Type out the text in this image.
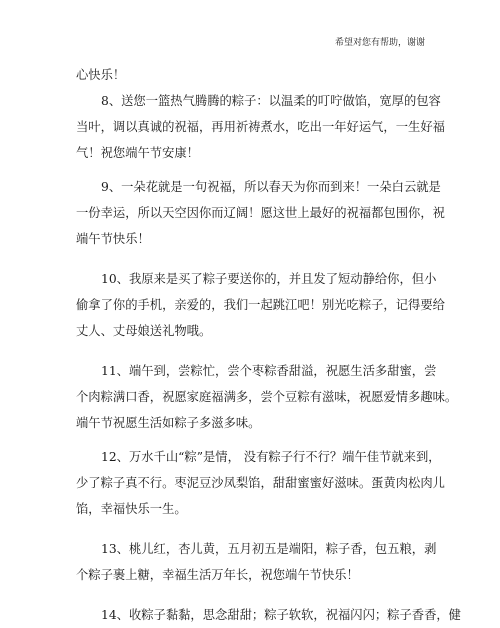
希望对您有帮助，谢谢

心快乐！

8、送您一篮热气腾腾的粽子：以温柔的叮咛做馅，宽厚的包容
当叶，调以真诚的祝福，再用祈祷煮水，吃出一年好运气，一生好福
气！祝您端午节安康！

9、一朵花就是一句祝福，所以春天为你而到来！一朵白云就是
一份幸运，所以天空因你而辽阔！愿这世上最好的祝福都包围你，祝
端午节快乐！

10、我原来是买了粽子要送你的，并且发了短动静给你，但小
偷拿了你的手机，亲爱的，我们一起跳江吧！别光吃粽子，记得要给
丈人、丈母娘送礼物哦。

11、端午到，尝粽忙，尝个枣粽香甜溢，祝愿生活多甜蜜，尝
个肉粽满口香，祝愿家庭福满多，尝个豆粽有滋味，祝愿爱情多趣味。
端午节祝愿生活如粽子多滋多味。

12、万水千山“粽”是情， 没有粽子行不行？端午佳节就来到，
少了粽子真不行。枣泥豆沙凤梨馅，甜甜蜜蜜好滋味。蛋黄肉松肉儿
馅，幸福快乐一生。

13、桃儿红，杏儿黄，五月初五是端阳，粽子香，包五粮，剥
个粽子裹上糖，幸福生活万年长，祝您端午节快乐！

14、收粽子黏黏，思念甜甜；粽子软软，祝福闪闪；粽子香香，健
